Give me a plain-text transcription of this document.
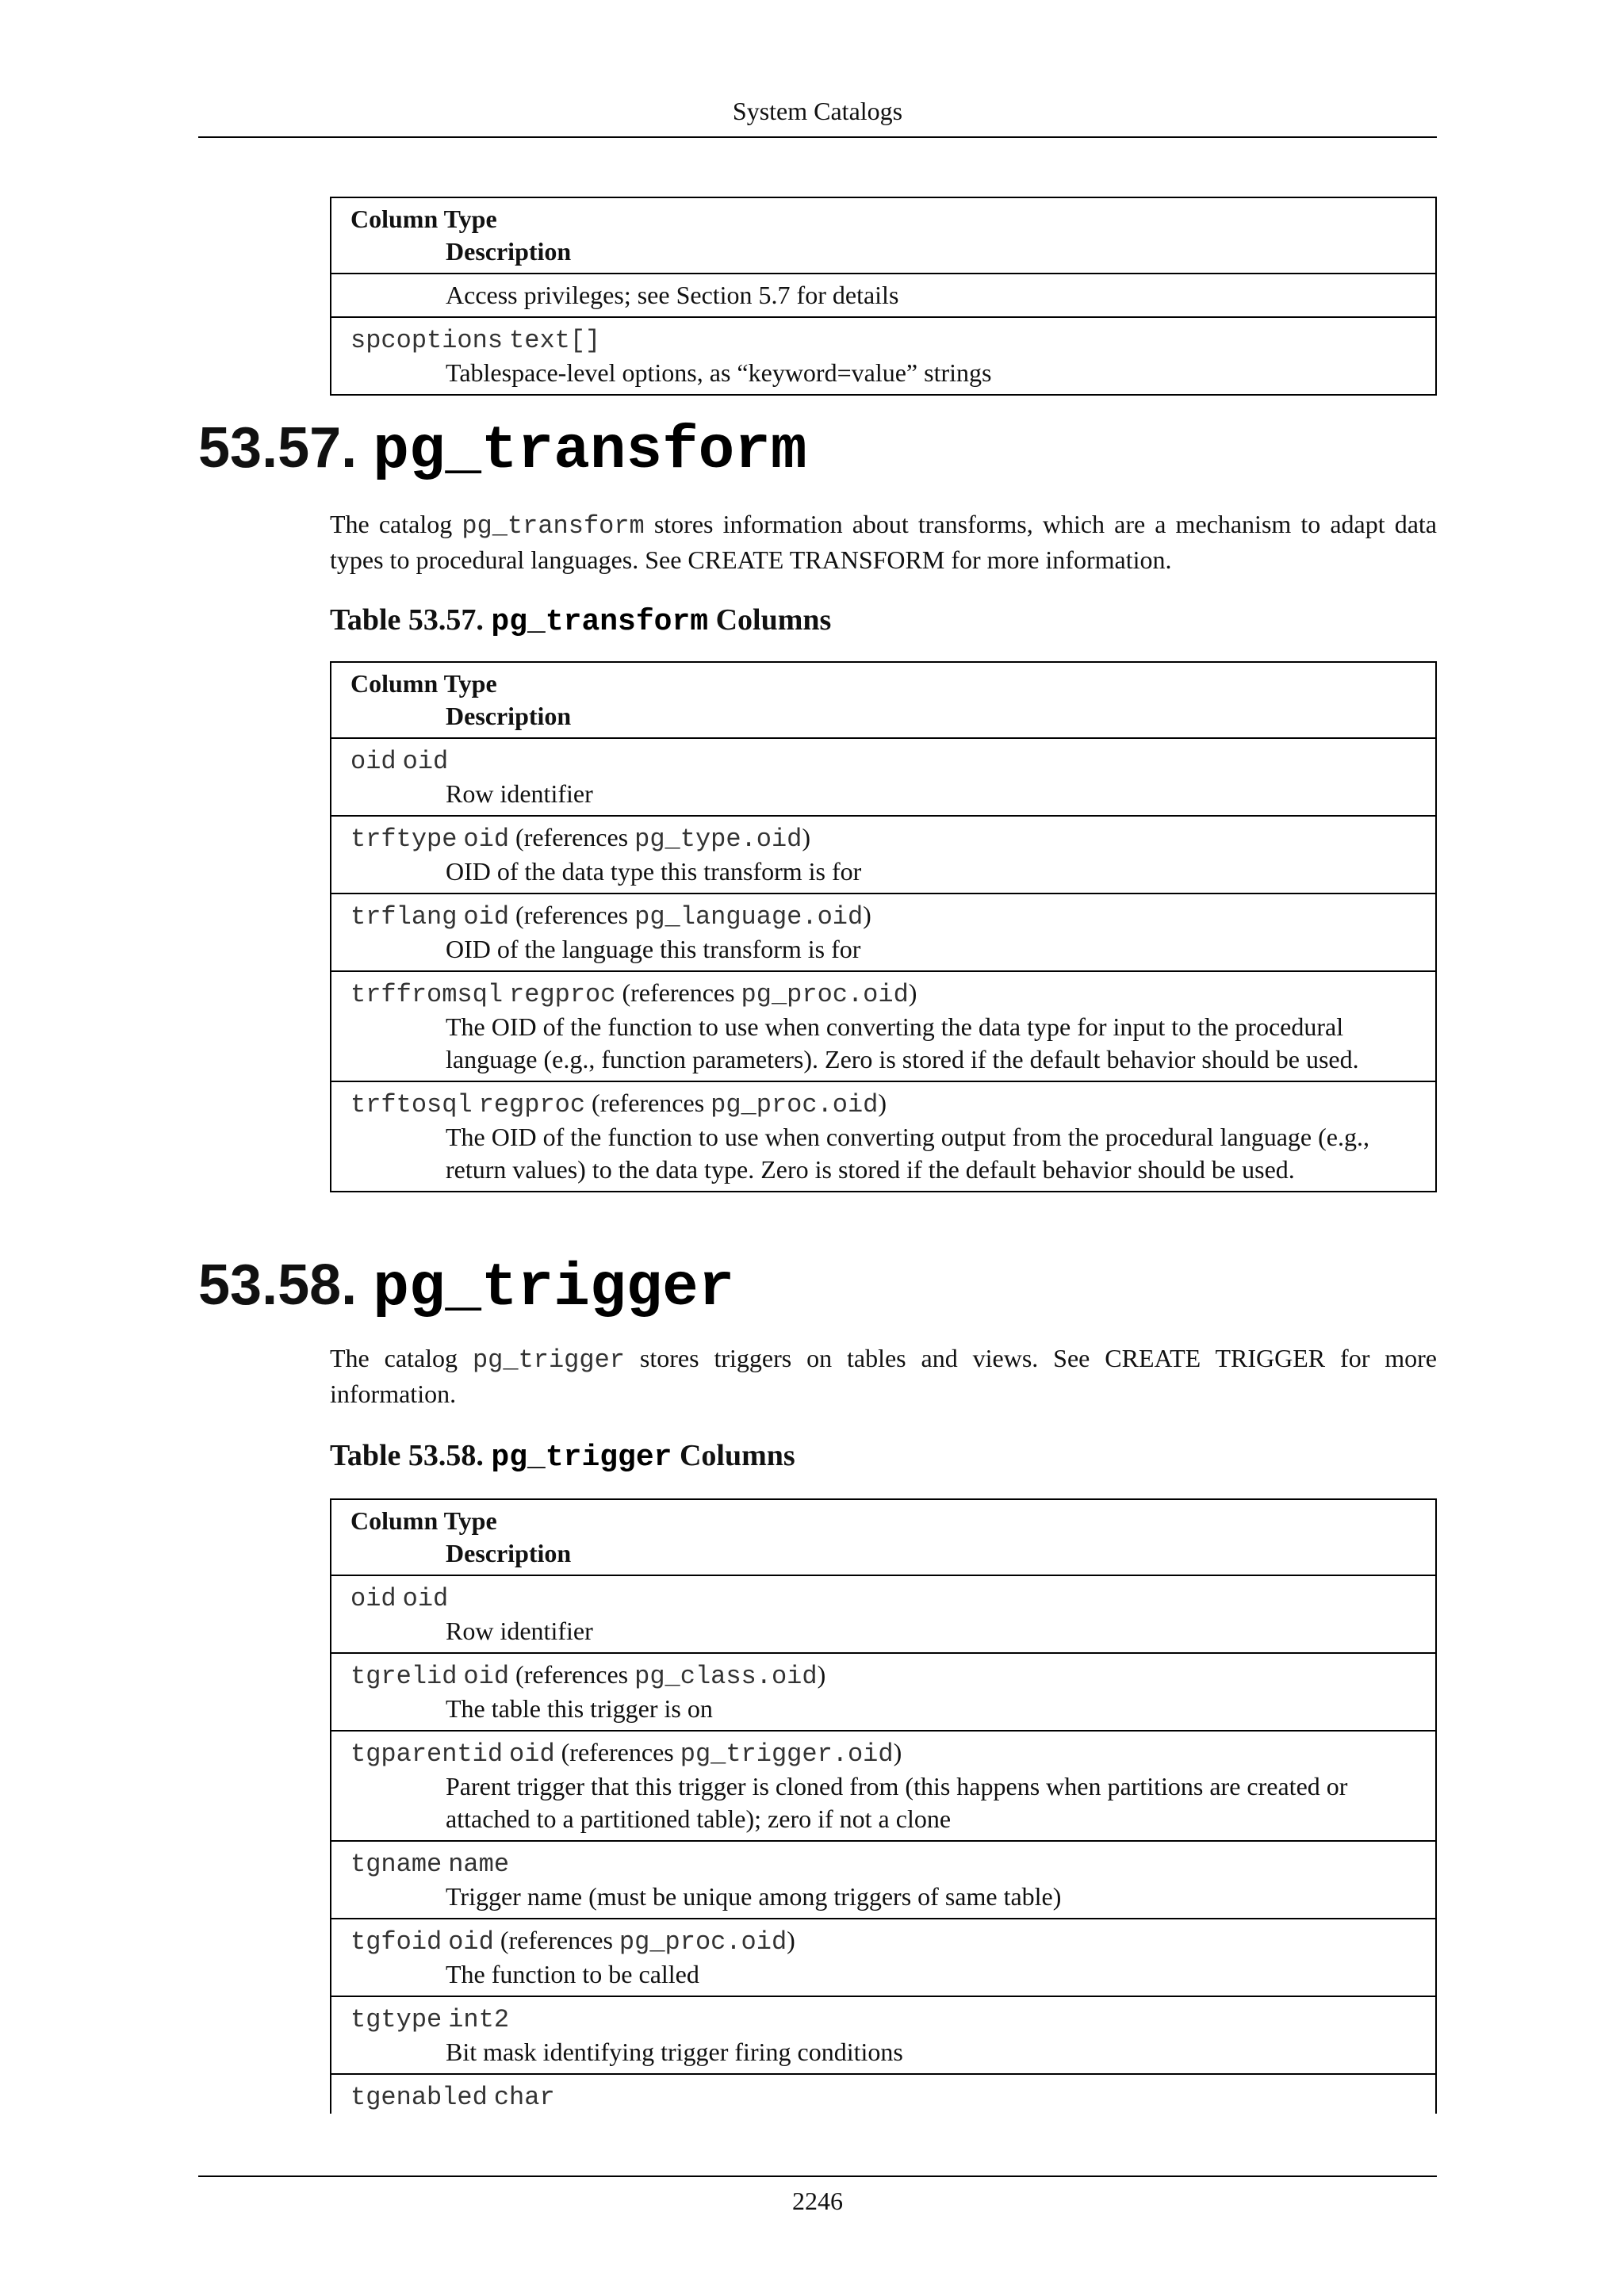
System Catalogs
Column Type
Description
Access privileges; see Section 5.7 for details
spcoptions text[]
Tablespace-level options, as “keyword=value” strings
53.57. pg_transform

The catalog pg_transform stores information about transforms, which are a mechanism to adapt data types to procedural languages. See CREATE TRANSFORM for more information.

Table 53.57. pg_transform Columns

Column Type
Description
oid oid
Row identifier
trftype oid (references pg_type.oid)
OID of the data type this transform is for
trflang oid (references pg_language.oid)
OID of the language this transform is for
trffromsql regproc (references pg_proc.oid)
The OID of the function to use when converting the data type for input to the procedural language (e.g., function parameters). Zero is stored if the default behavior should be used.
trftosql regproc (references pg_proc.oid)
The OID of the function to use when converting output from the procedural language (e.g., return values) to the data type. Zero is stored if the default behavior should be used.
53.58. pg_trigger

The catalog pg_trigger stores triggers on tables and views. See CREATE TRIGGER for more information.

Table 53.58. pg_trigger Columns

Column Type
Description
oid oid
Row identifier
tgrelid oid (references pg_class.oid)
The table this trigger is on
tgparentid oid (references pg_trigger.oid)
Parent trigger that this trigger is cloned from (this happens when partitions are created or attached to a partitioned table); zero if not a clone
tgname name
Trigger name (must be unique among triggers of same table)
tgfoid oid (references pg_proc.oid)
The function to be called
tgtype int2
Bit mask identifying trigger firing conditions
tgenabled char
2246
